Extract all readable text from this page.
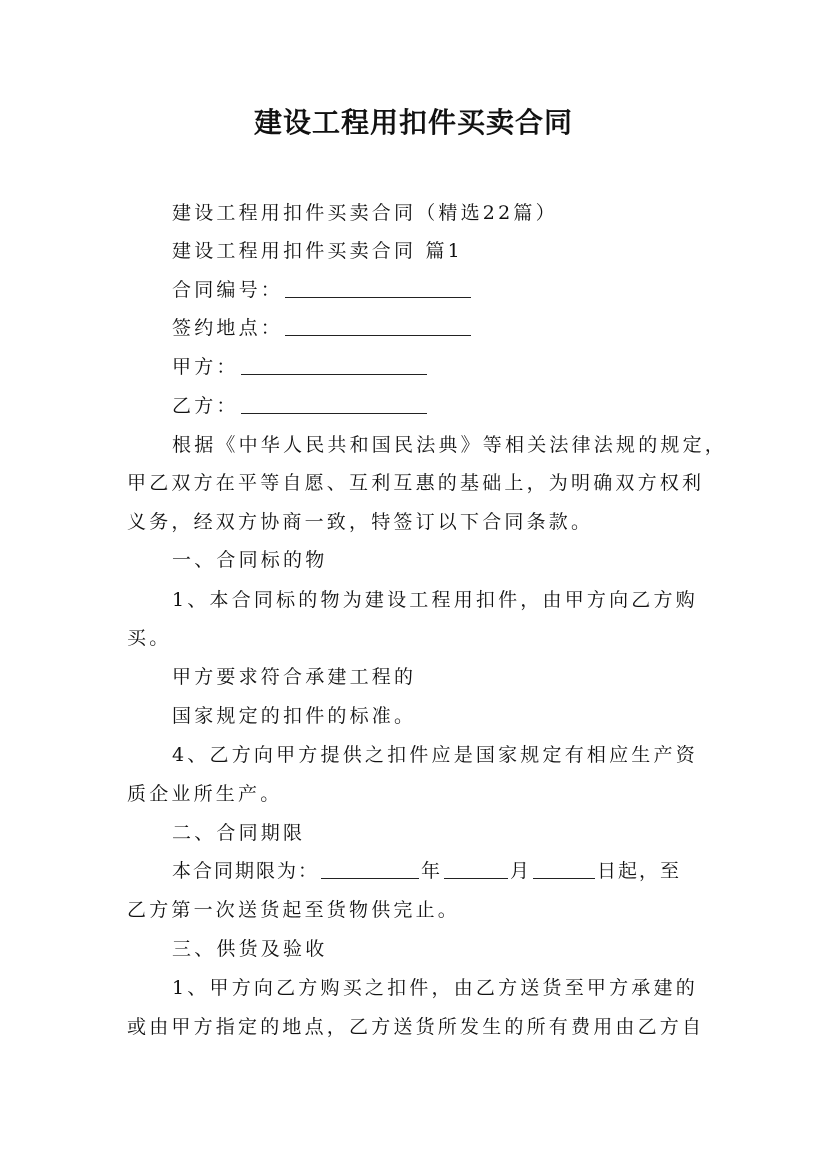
建设工程用扣件买卖合同
建设工程用扣件买卖合同（精选22篇）
建设工程用扣件买卖合同 篇1
合同编号：
签约地点：
甲方：
乙方：
根据《中华人民共和国民法典》等相关法律法规的规定，
甲乙双方在平等自愿、互利互惠的基础上，为明确双方权利
义务，经双方协商一致，特签订以下合同条款。
一、合同标的物
1、本合同标的物为建设工程用扣件，由甲方向乙方购
买。
甲方要求符合承建工程的
国家规定的扣件的标准。
4、乙方向甲方提供之扣件应是国家规定有相应生产资
质企业所生产。
二、合同期限
本合同期限为：	年	月	日起，至
乙方第一次送货起至货物供完止。
三、供货及验收
1、甲方向乙方购买之扣件，由乙方送货至甲方承建的
或由甲方指定的地点，乙方送货所发生的所有费用由乙方自
